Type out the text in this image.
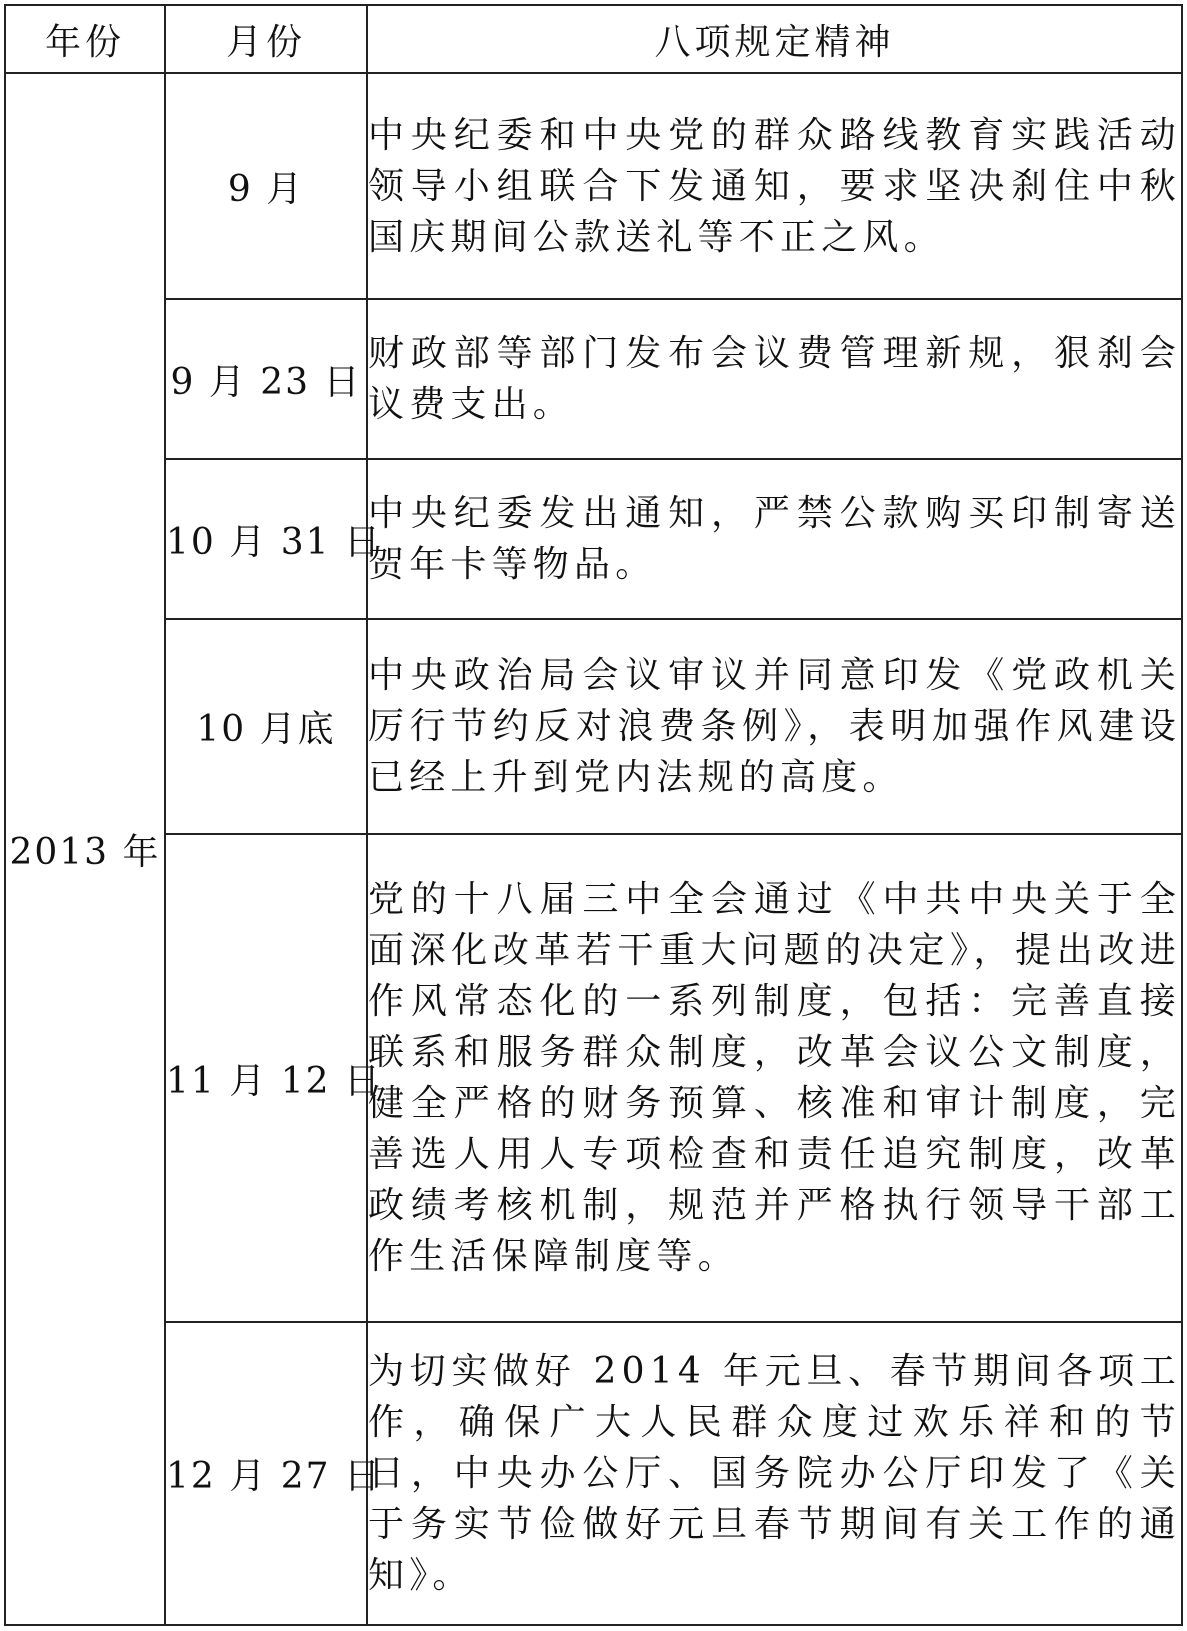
年份	月份	八项规定精神
2013 年	9 月	中央纪委和中央党的群众路线教育实践活动领导小组联合下发通知，要求坚决刹住中秋国庆期间公款送礼等不正之风。
	9 月 23 日	财政部等部门发布会议费管理新规，狠刹会议费支出。
	10 月 31 日	中央纪委发出通知，严禁公款购买印制寄送贺年卡等物品。
	10 月底	中央政治局会议审议并同意印发《党政机关厉行节约反对浪费条例》，表明加强作风建设已经上升到党内法规的高度。
	11 月 12 日	党的十八届三中全会通过《中共中央关于全面深化改革若干重大问题的决定》，提出改进作风常态化的一系列制度，包括：完善直接联系和服务群众制度，改革会议公文制度，健全严格的财务预算、核准和审计制度，完善选人用人专项检查和责任追究制度，改革政绩考核机制，规范并严格执行领导干部工作生活保障制度等。
	12 月 27 日	为切实做好 2014 年元旦、春节期间各项工作，确保广大人民群众度过欢乐祥和的节日，中央办公厅、国务院办公厅印发了《关于务实节俭做好元旦春节期间有关工作的通知》。
